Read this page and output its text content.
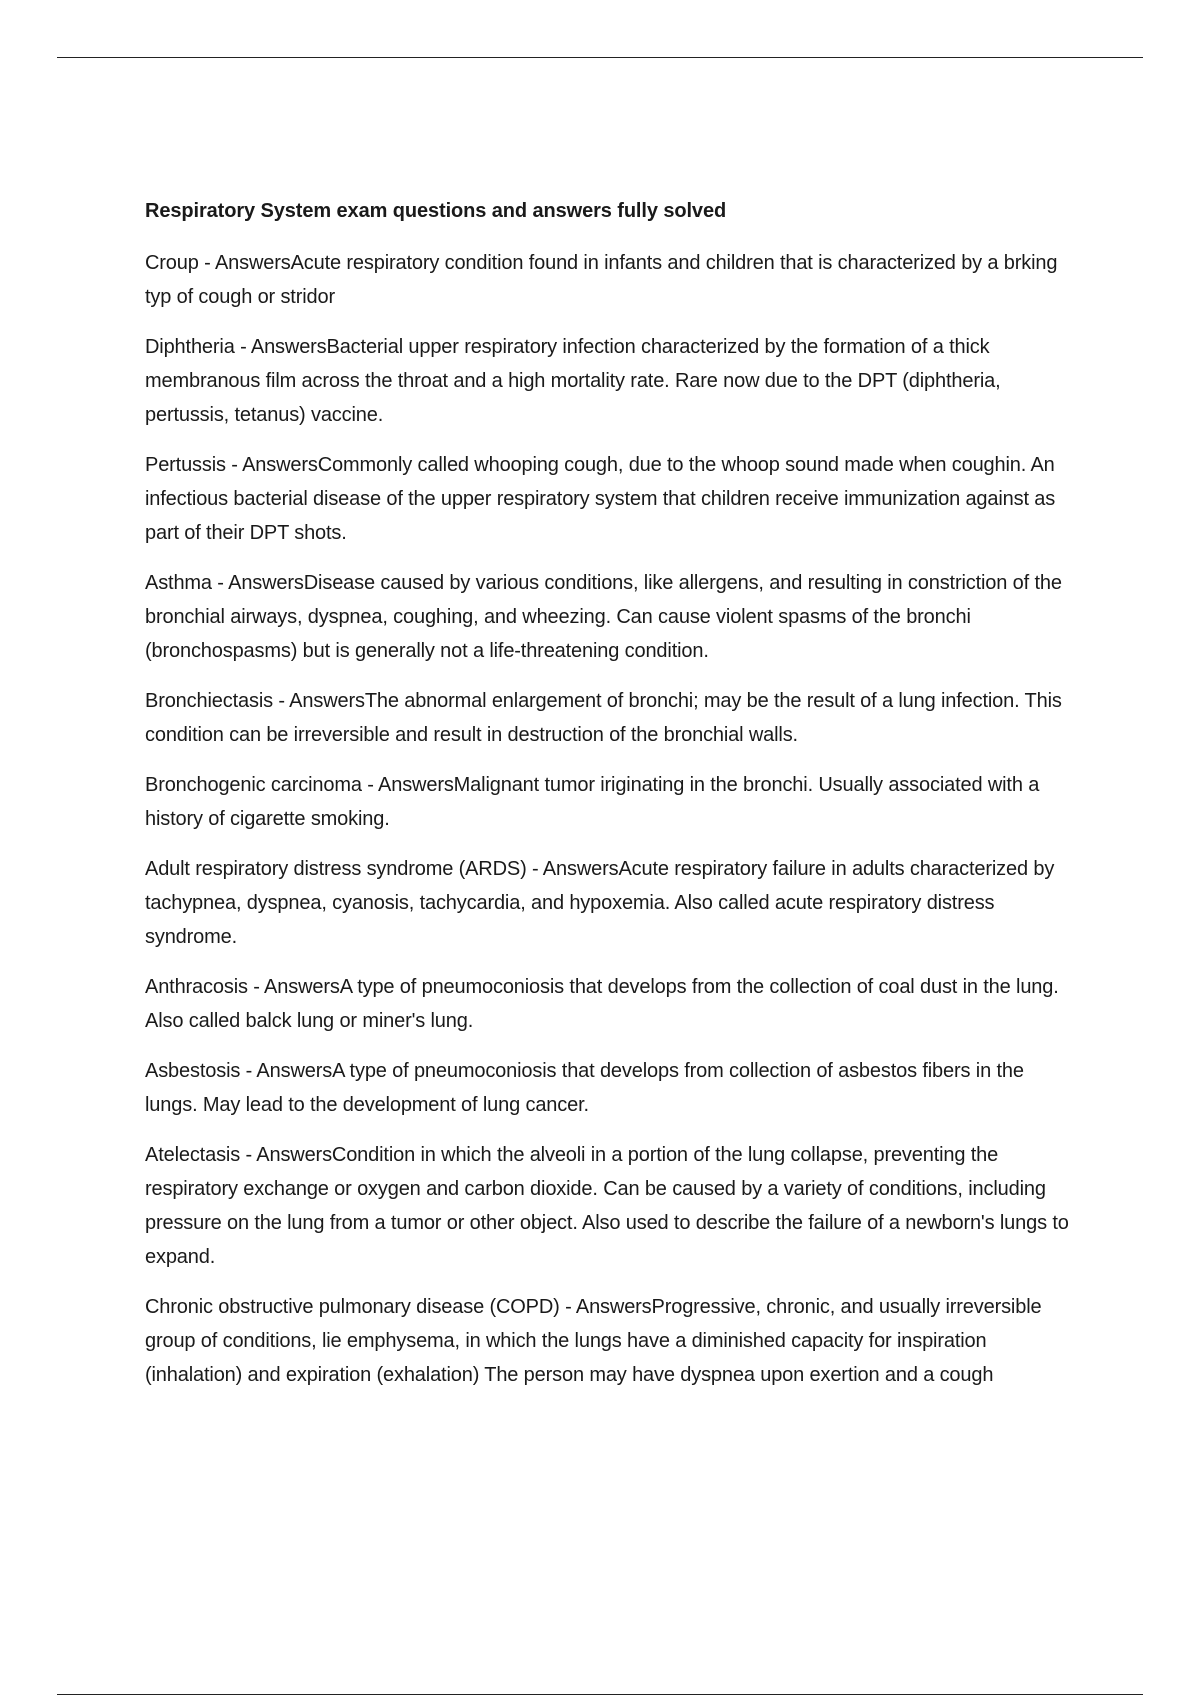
Respiratory System exam questions and answers fully solved

Croup - AnswersAcute respiratory condition found in infants and children that is characterized by a brking typ of cough or stridor

Diphtheria - AnswersBacterial upper respiratory infection characterized by the formation of a thick membranous film across the throat and a high mortality rate. Rare now due to the DPT (diphtheria, pertussis, tetanus) vaccine.

Pertussis - AnswersCommonly called whooping cough, due to the whoop sound made when coughin. An infectious bacterial disease of the upper respiratory system that children receive immunization against as part of their DPT shots.

Asthma - AnswersDisease caused by various conditions, like allergens, and resulting in constriction of the bronchial airways, dyspnea, coughing, and wheezing. Can cause violent spasms of the bronchi (bronchospasms) but is generally not a life-threatening condition.

Bronchiectasis - AnswersThe abnormal enlargement of bronchi; may be the result of a lung infection. This condition can be irreversible and result in destruction of the bronchial walls.

Bronchogenic carcinoma - AnswersMalignant tumor iriginating in the bronchi. Usually associated with a history of cigarette smoking.

Adult respiratory distress syndrome (ARDS) - AnswersAcute respiratory failure in adults characterized by tachypnea, dyspnea, cyanosis, tachycardia, and hypoxemia. Also called acute respiratory distress syndrome.

Anthracosis - AnswersA type of pneumoconiosis that develops from the collection of coal dust in the lung. Also called balck lung or miner's lung.

Asbestosis - AnswersA type of pneumoconiosis that develops from collection of asbestos fibers in the lungs. May lead to the development of lung cancer.

Atelectasis - AnswersCondition in which the alveoli in a portion of the lung collapse, preventing the respiratory exchange or oxygen and carbon dioxide. Can be caused by a variety of conditions, including pressure on the lung from a tumor or other object. Also used to describe the failure of a newborn's lungs to expand.

Chronic obstructive pulmonary disease (COPD) - AnswersProgressive, chronic, and usually irreversible group of conditions, lie emphysema, in which the lungs have a diminished capacity for inspiration (inhalation) and expiration (exhalation) The person may have dyspnea upon exertion and a cough
